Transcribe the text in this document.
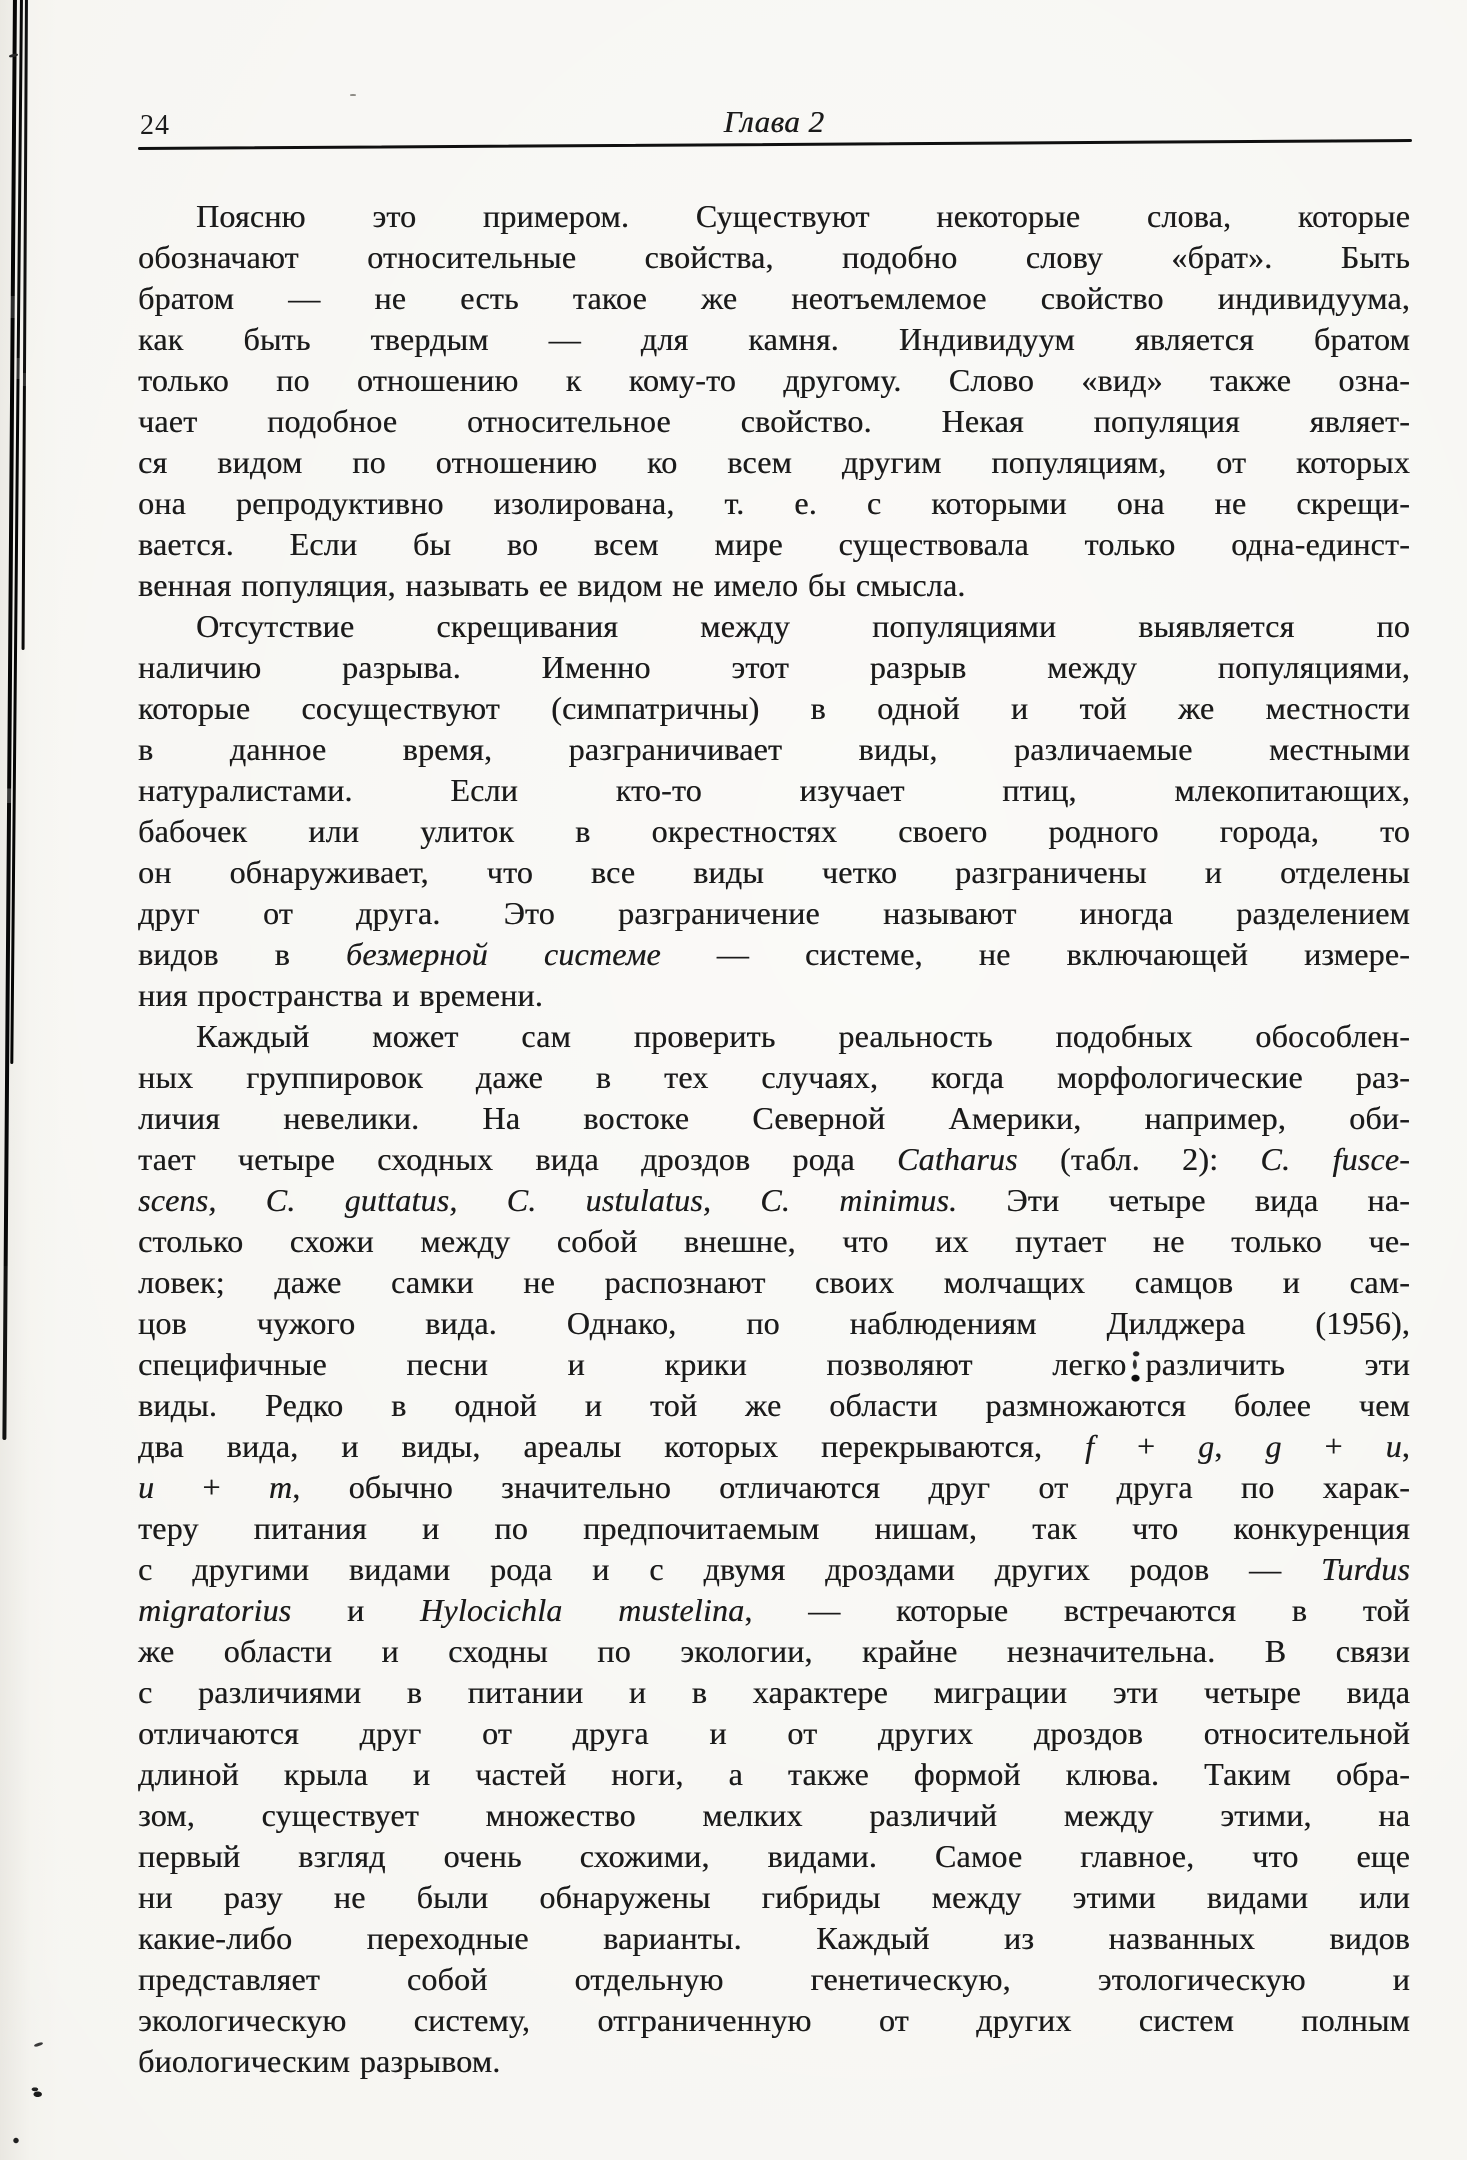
24	Глава 2
Поясню это примером. Существуют некоторые слова, которые
обозначают относительные свойства, подобно слову «брат». Быть
братом — не есть такое же неотъемлемое свойство индивидуума,
как быть твердым — для камня. Индивидуум является братом
только по отношению к кому-то другому. Слово «вид» также озна-
чает подобное относительное свойство. Некая популяция являет-
ся видом по отношению ко всем другим популяциям, от которых
она репродуктивно изолирована, т. е. с которыми она не скрещи-
вается. Если бы во всем мире существовала только одна-единст-
венная популяция, называть ее видом не имело бы смысла.
Отсутствие скрещивания между популяциями выявляется по
наличию разрыва. Именно этот разрыв между популяциями,
которые сосуществуют (симпатричны) в одной и той же местности
в данное время, разграничивает виды, различаемые местными
натуралистами. Если кто-то изучает птиц, млекопитающих,
бабочек или улиток в окрестностях своего родного города, то
он обнаруживает, что все виды четко разграничены и отделены
друг от друга. Это разграничение называют иногда разделением
видов в безмерной системе — системе, не включающей измере-
ния пространства и времени.
Каждый может сам проверить реальность подобных обособлен-
ных группировок даже в тех случаях, когда морфологические раз-
личия невелики. На востоке Северной Америки, например, оби-
тает четыре сходных вида дроздов рода Catharus (табл. 2): C. fusce-
scens, C. guttatus, C. ustulatus, C. minimus. Эти четыре вида на-
столько схожи между собой внешне, что их путает не только че-
ловек; даже самки не распознают своих молчащих самцов и сам-
цов чужого вида. Однако, по наблюдениям Дилджера (1956),
специфичные песни и крики позволяют легко различить эти
виды. Редко в одной и той же области размножаются более чем
два вида, и виды, ареалы которых перекрываются, f + g, g + u,
u + m, обычно значительно отличаются друг от друга по харак-
теру питания и по предпочитаемым нишам, так что конкуренция
с другими видами рода и с двумя дроздами других родов — Turdus
migratorius и Hylocichla mustelina, — которые встречаются в той
же области и сходны по экологии, крайне незначительна. В связи
с различиями в питании и в характере миграции эти четыре вида
отличаются друг от друга и от других дроздов относительной
длиной крыла и частей ноги, а также формой клюва. Таким обра-
зом, существует множество мелких различий между этими, на
первый взгляд очень схожими, видами. Самое главное, что еще
ни разу не были обнаружены гибриды между этими видами или
какие-либо переходные варианты. Каждый из названных видов
представляет собой отдельную генетическую, этологическую и
экологическую систему, отграниченную от других систем полным
биологическим разрывом.
